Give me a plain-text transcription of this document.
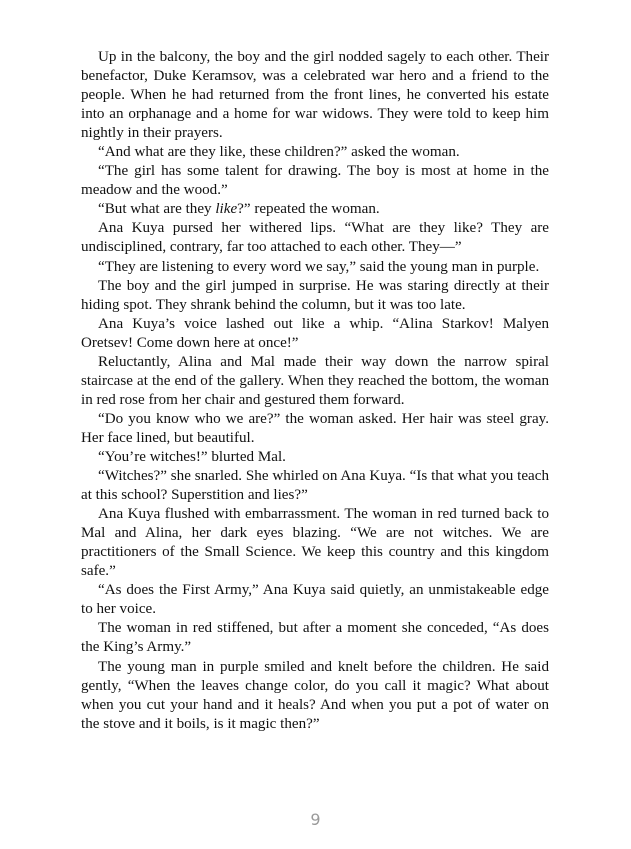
Up in the balcony, the boy and the girl nodded sagely to each other. Their benefactor, Duke Keramsov, was a celebrated war hero and a friend to the people. When he had returned from the front lines, he converted his estate into an orphanage and a home for war widows. They were told to keep him nightly in their prayers.

“And what are they like, these children?” asked the woman.

“The girl has some talent for drawing. The boy is most at home in the meadow and the wood.”

“But what are they like?” repeated the woman.

Ana Kuya pursed her withered lips. “What are they like? They are undisciplined, contrary, far too attached to each other. They—”

“They are listening to every word we say,” said the young man in purple.

The boy and the girl jumped in surprise. He was staring directly at their hiding spot. They shrank behind the column, but it was too late.

Ana Kuya’s voice lashed out like a whip. “Alina Starkov! Malyen Oretsev! Come down here at once!”

Reluctantly, Alina and Mal made their way down the narrow spiral staircase at the end of the gallery. When they reached the bottom, the woman in red rose from her chair and gestured them forward.

“Do you know who we are?” the woman asked. Her hair was steel gray. Her face lined, but beautiful.

“You’re witches!” blurted Mal.

“Witches?” she snarled. She whirled on Ana Kuya. “Is that what you teach at this school? Superstition and lies?”

Ana Kuya flushed with embarrassment. The woman in red turned back to Mal and Alina, her dark eyes blazing. “We are not witches. We are practitioners of the Small Science. We keep this country and this kingdom safe.”

“As does the First Army,” Ana Kuya said quietly, an unmistakeable edge to her voice.

The woman in red stiffened, but after a moment she conceded, “As does the King’s Army.”

The young man in purple smiled and knelt before the children. He said gently, “When the leaves change color, do you call it magic? What about when you cut your hand and it heals? And when you put a pot of water on the stove and it boils, is it magic then?”

9
